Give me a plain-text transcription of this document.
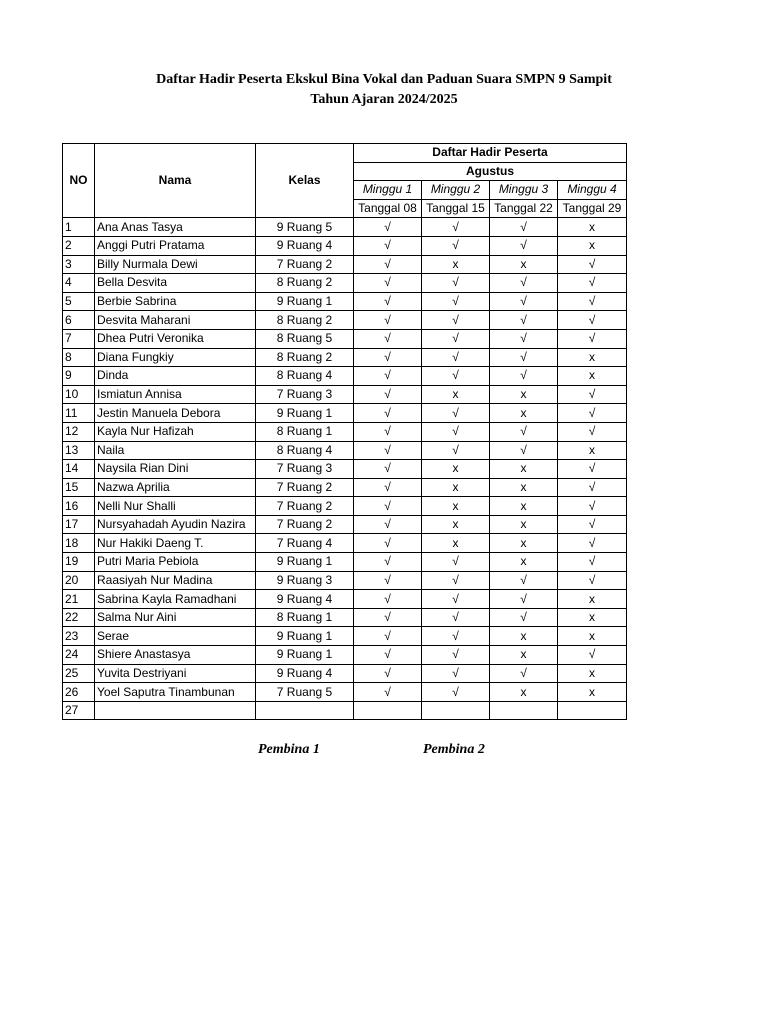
Daftar Hadir Peserta Ekskul Bina Vokal dan Paduan Suara SMPN 9 Sampit
Tahun Ajaran 2024/2025
NO	Nama	Kelas	Daftar Hadir Peserta			
			Agustus			
			Minggu 1	Minggu 2	Minggu 3	Minggu 4
			Tanggal 08	Tanggal 15	Tanggal 22	Tanggal 29
1	Ana Anas Tasya	9 Ruang 5	√	√	√	x
2	Anggi Putri Pratama	9 Ruang 4	√	√	√	x
3	Billy Nurmala Dewi	7 Ruang 2	√	x	x	√
4	Bella Desvita	8 Ruang 2	√	√	√	√
5	Berbie Sabrina	9 Ruang 1	√	√	√	√
6	Desvita Maharani	8 Ruang 2	√	√	√	√
7	Dhea Putri Veronika	8 Ruang 5	√	√	√	√
8	Diana Fungkiy	8 Ruang 2	√	√	√	x
9	Dinda	8 Ruang 4	√	√	√	x
10	Ismiatun Annisa	7 Ruang 3	√	x	x	√
11	Jestin Manuela Debora	9 Ruang 1	√	√	x	√
12	Kayla Nur Hafizah	8 Ruang 1	√	√	√	√
13	Naila	8 Ruang 4	√	√	√	x
14	Naysila Rian Dini	7 Ruang 3	√	x	x	√
15	Nazwa Aprilia	7 Ruang 2	√	x	x	√
16	Nelli Nur Shalli	7 Ruang 2	√	x	x	√
17	Nursyahadah Ayudin Nazira	7 Ruang 2	√	x	x	√
18	Nur Hakiki Daeng T.	7 Ruang 4	√	x	x	√
19	Putri Maria Pebiola	9 Ruang 1	√	√	x	√
20	Raasiyah Nur Madina	9 Ruang 3	√	√	√	√
21	Sabrina Kayla Ramadhani	9 Ruang 4	√	√	√	x
22	Salma Nur Aini	8 Ruang 1	√	√	√	x
23	Serae	9 Ruang 1	√	√	x	x
24	Shiere Anastasya	9 Ruang 1	√	√	x	√
25	Yuvita Destriyani	9 Ruang 4	√	√	√	x
26	Yoel Saputra Tinambunan	7 Ruang 5	√	√	x	x
27						
Pembina 1	Pembina 2
